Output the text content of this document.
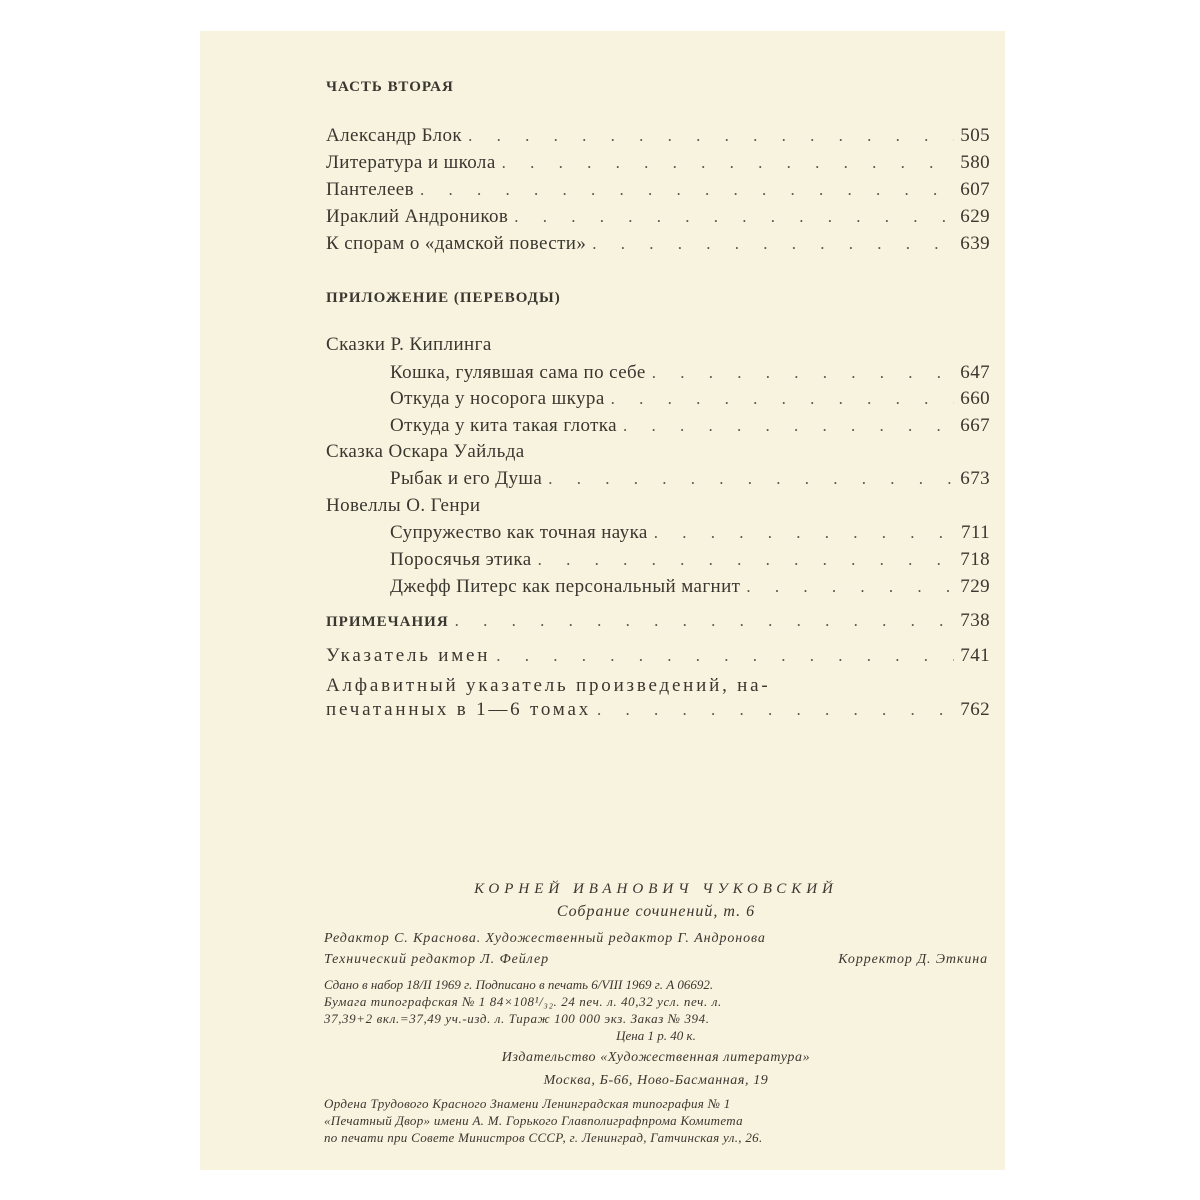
ЧАСТЬ ВТОРАЯ
Александр Блок . . .	505
Литература и школа . . .	580
Пантелеев . . .	607
Ираклий Андроников . . .	629
К спорам о «дамской повести» . . .	639
ПРИЛОЖЕНИЕ (ПЕРЕВОДЫ)
Сказки Р. Киплинга
Кошка, гулявшая сама по себе . . .	647
Откуда у носорога шкура . . .	660
Откуда у кита такая глотка . . .	667
Сказка Оскара Уайльда
Рыбак и его Душа . . .	673
Новеллы О. Генри
Супружество как точная наука . . .	711
Поросячья этика . . .	718
Джефф Питерс как персональный магнит . . .	729
ПРИМЕЧАНИЯ . . .	738
Указатель имен . . .	741
Алфавитный указатель произведений, на-
печатанных в 1—6 томах . . .	762
КОРНЕЙ ИВАНОВИЧ ЧУКОВСКИЙ
Собрание сочинений, т. 6
Редактор С. Краснова. Художественный редактор Г. Андронова
Технический редактор Л. Фейлер	Корректор Д. Эткина
Сдано в набор 18/II 1969 г. Подписано в печать 6/VIII 1969 г. А 06692.
Бумага типографская № 1 84×108¹/₃₂. 24 печ. л. 40,32 усл. печ. л.
37,39+2 вкл.=37,49 уч.-изд. л. Тираж 100 000 экз. Заказ № 394.
Цена 1 р. 40 к.
Издательство «Художественная литература»
Москва, Б-66, Ново-Басманная, 19
Ордена Трудового Красного Знамени Ленинградская типография № 1
«Печатный Двор» имени А. М. Горького Главполиграфпрома Комитета
по печати при Совете Министров СССР, г. Ленинград, Гатчинская ул., 26.
